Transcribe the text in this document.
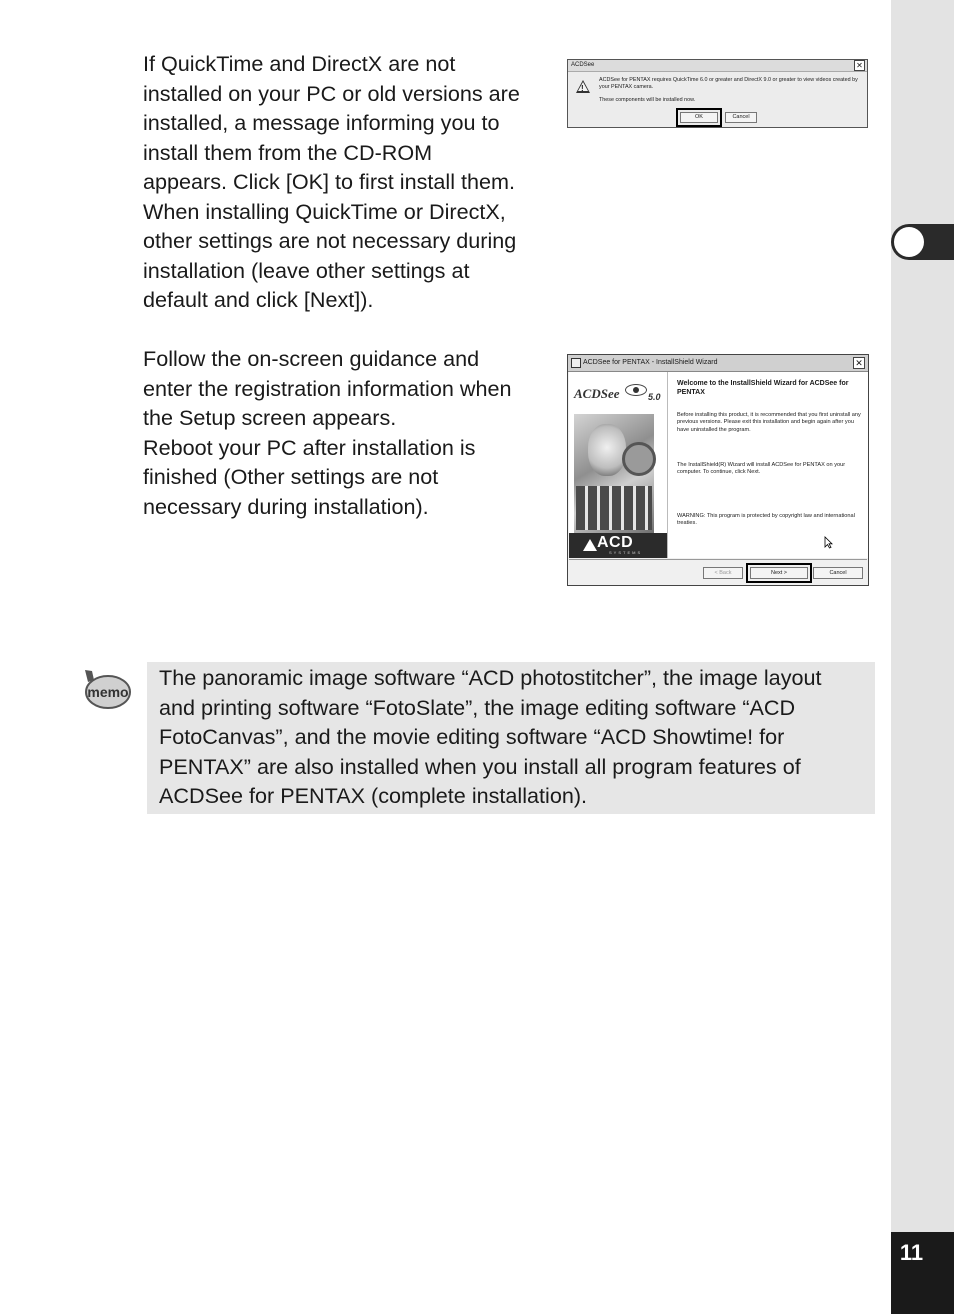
11
If QuickTime and DirectX are not
installed on your PC or old versions are
installed, a message informing you to
install them from the CD-ROM
appears. Click [OK] to first install them.
When installing QuickTime or DirectX,
other settings are not necessary during
installation (leave other settings at
default and click [Next]).
Follow the on-screen guidance and
enter the registration information when
the Setup screen appears.
Reboot your PC after installation is
finished (Other settings are not
necessary during installation).
ACDSee	✕
!
ACDSee for PENTAX requires QuickTime 6.0 or greater and DirectX 9.0 or greater to view videos created by your PENTAX camera.
These components will be installed now.
OK	Cancel
ACDSee for PENTAX - InstallShield Wizard	✕
ACDSee	5.0
ACD
SYSTEMS
Welcome to the InstallShield Wizard for ACDSee for PENTAX
Before installing this product, it is recommended that you first uninstall any previous versions. Please exit this installation and begin again after you have uninstalled the program.
The InstallShield(R) Wizard will install ACDSee for PENTAX on your computer. To continue, click Next.
WARNING: This program is protected by copyright law and international treaties.
< Back	Next >	Cancel
memo
The panoramic image software “ACD photostitcher”, the image layout
and printing software “FotoSlate”, the image editing software “ACD
FotoCanvas”, and the movie editing software “ACD Showtime! for
PENTAX” are also installed when you install all program features of
ACDSee for PENTAX (complete installation).
